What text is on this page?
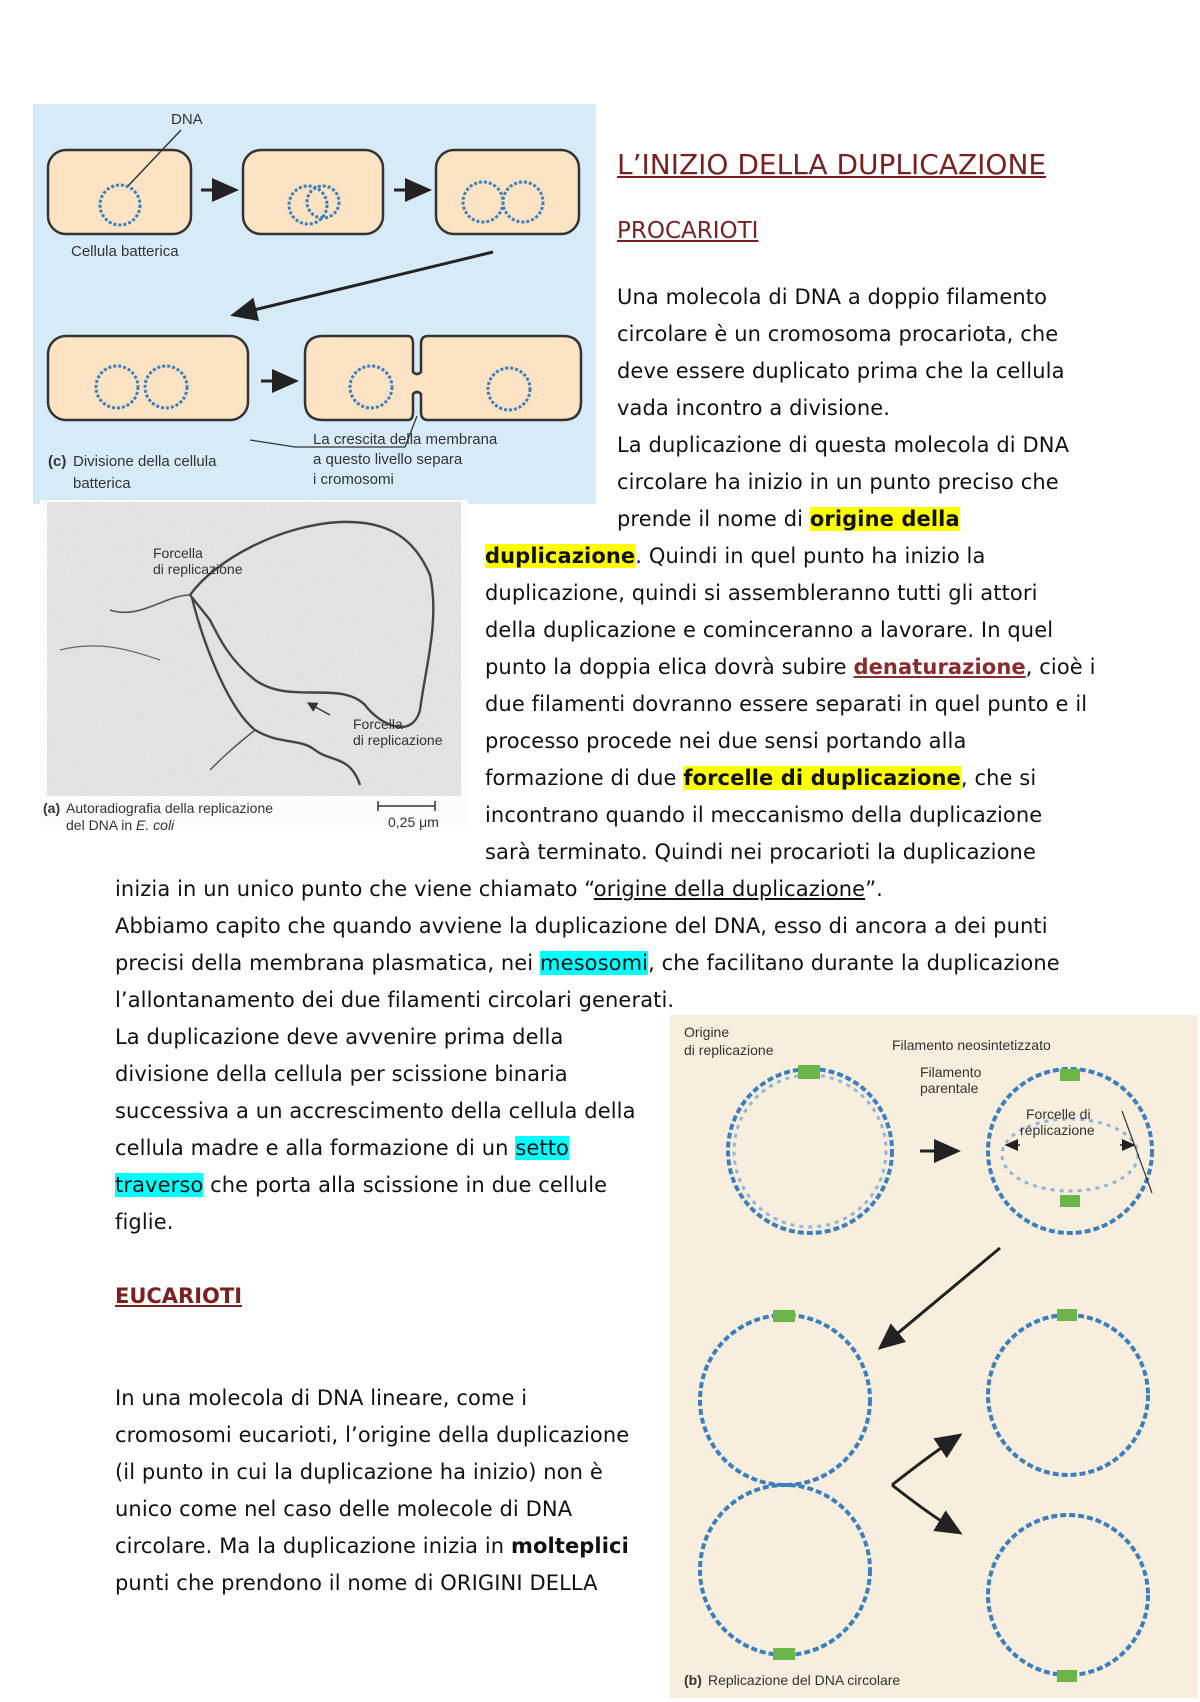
DNA
Cellula batterica
(c) Divisione della cellula
batterica
La crescita della membrana
a questo livello separa
i cromosomi
Forcella
di replicazione
Forcella
di replicazione
(a) Autoradiografia della replicazione
del DNA in E. coli	0,25 μm
Origine
di replicazione	Filamento neosintetizzato
Filamento
parentale
Forcelle di
replicazione
(b) Replicazione del DNA circolare
L’INIZIO DELLA DUPLICAZIONE
PROCARIOTI
Una molecola di DNA a doppio filamento
circolare è un cromosoma procariota, che
deve essere duplicato prima che la cellula
vada incontro a divisione.
La duplicazione di questa molecola di DNA
circolare ha inizio in un punto preciso che
prende il nome di origine della
duplicazione. Quindi in quel punto ha inizio la
duplicazione, quindi si assembleranno tutti gli attori
della duplicazione e cominceranno a lavorare. In quel
punto la doppia elica dovrà subire denaturazione, cioè i
due filamenti dovranno essere separati in quel punto e il
processo procede nei due sensi portando alla
formazione di due forcelle di duplicazione, che si
incontrano quando il meccanismo della duplicazione
sarà terminato. Quindi nei procarioti la duplicazione
inizia in un unico punto che viene chiamato “origine della duplicazione”.
Abbiamo capito che quando avviene la duplicazione del DNA, esso di ancora a dei punti
precisi della membrana plasmatica, nei mesosomi, che facilitano durante la duplicazione
l’allontanamento dei due filamenti circolari generati.
La duplicazione deve avvenire prima della
divisione della cellula per scissione binaria
successiva a un accrescimento della cellula della
cellula madre e alla formazione di un setto
traverso che porta alla scissione in due cellule
figlie.
EUCARIOTI
In una molecola di DNA lineare, come i
cromosomi eucarioti, l’origine della duplicazione
(il punto in cui la duplicazione ha inizio) non è
unico come nel caso delle molecole di DNA
circolare. Ma la duplicazione inizia in molteplici
punti che prendono il nome di ORIGINI DELLA
